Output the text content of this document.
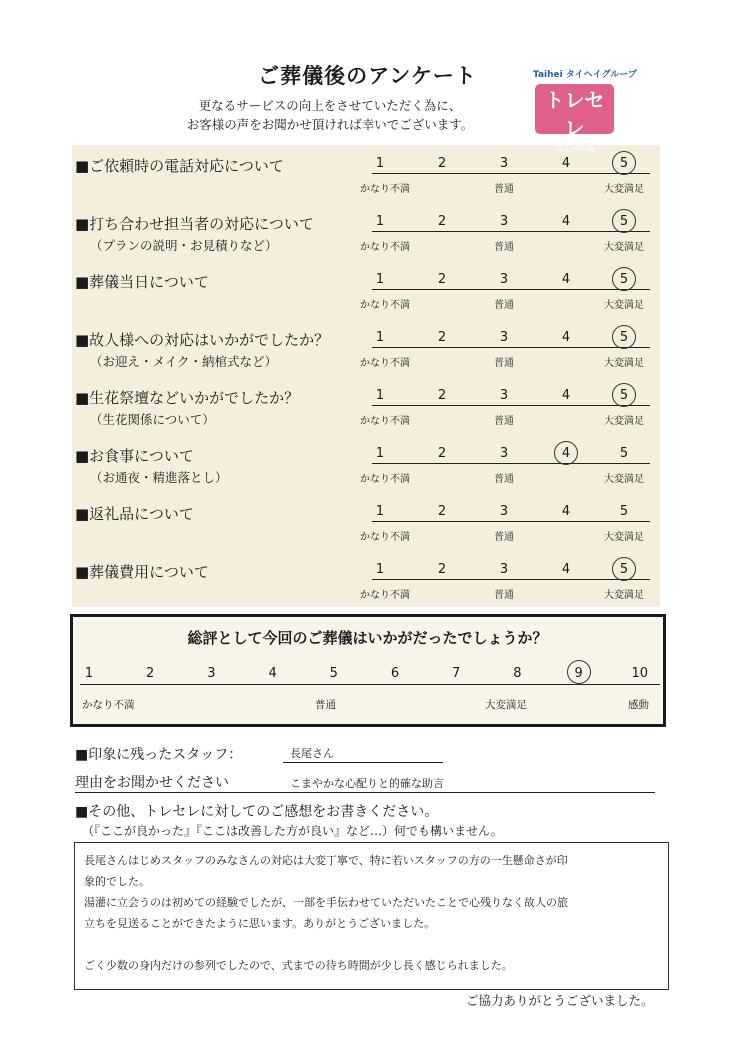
ご葬儀後のアンケート
更なるサービスの向上をさせていただく為に、
お客様の声をお聞かせ頂ければ幸いでございます。
Taihei タイヘイグループ
トレセレ
安心葬儀
■ご依頼時の電話対応について	1	2	3	4	5
かなり不満	普通	大変満足
■打ち合わせ担当者の対応について
（プランの説明・お見積りなど）
1	2	3	4	5
かなり不満	普通	大変満足
■葬儀当日について	1	2	3	4	5
かなり不満	普通	大変満足
■故人様への対応はいかがでしたか？
（お迎え・メイク・納棺式など）
1	2	3	4	5
かなり不満	普通	大変満足
■生花祭壇などいかがでしたか？
（生花関係について）
1	2	3	4	5
かなり不満	普通	大変満足
■お食事について
（お通夜・精進落とし）
1	2	3	4	5
かなり不満	普通	大変満足
■返礼品について	1	2	3	4	5
かなり不満	普通	大変満足
■葬儀費用について	1	2	3	4	5
かなり不満	普通	大変満足
総評として今回のご葬儀はいかがだったでしょうか？
1	2	3	4	5	6	7	8	9	10
かなり不満	普通	大変満足	感動
■印象に残ったスタッフ：	長尾さん
理由をお聞かせください	こまやかな心配りと的確な助言
■その他、トレセレに対してのご感想をお書きください。
（『ここが良かった』『ここは改善した方が良い』など…）何でも構いません。

長尾さんはじめスタッフのみなさんの対応は大変丁寧で、特に若いスタッフの方の一生懸命さが印

象的でした。

湯灌に立会うのは初めての経験でしたが、一部を手伝わせていただいたことで心残りなく故人の旅

立ちを見送ることができたように思います。ありがとうございました。

ごく少数の身内だけの参列でしたので、式までの待ち時間が少し長く感じられました。

ご協力ありがとうございました。
